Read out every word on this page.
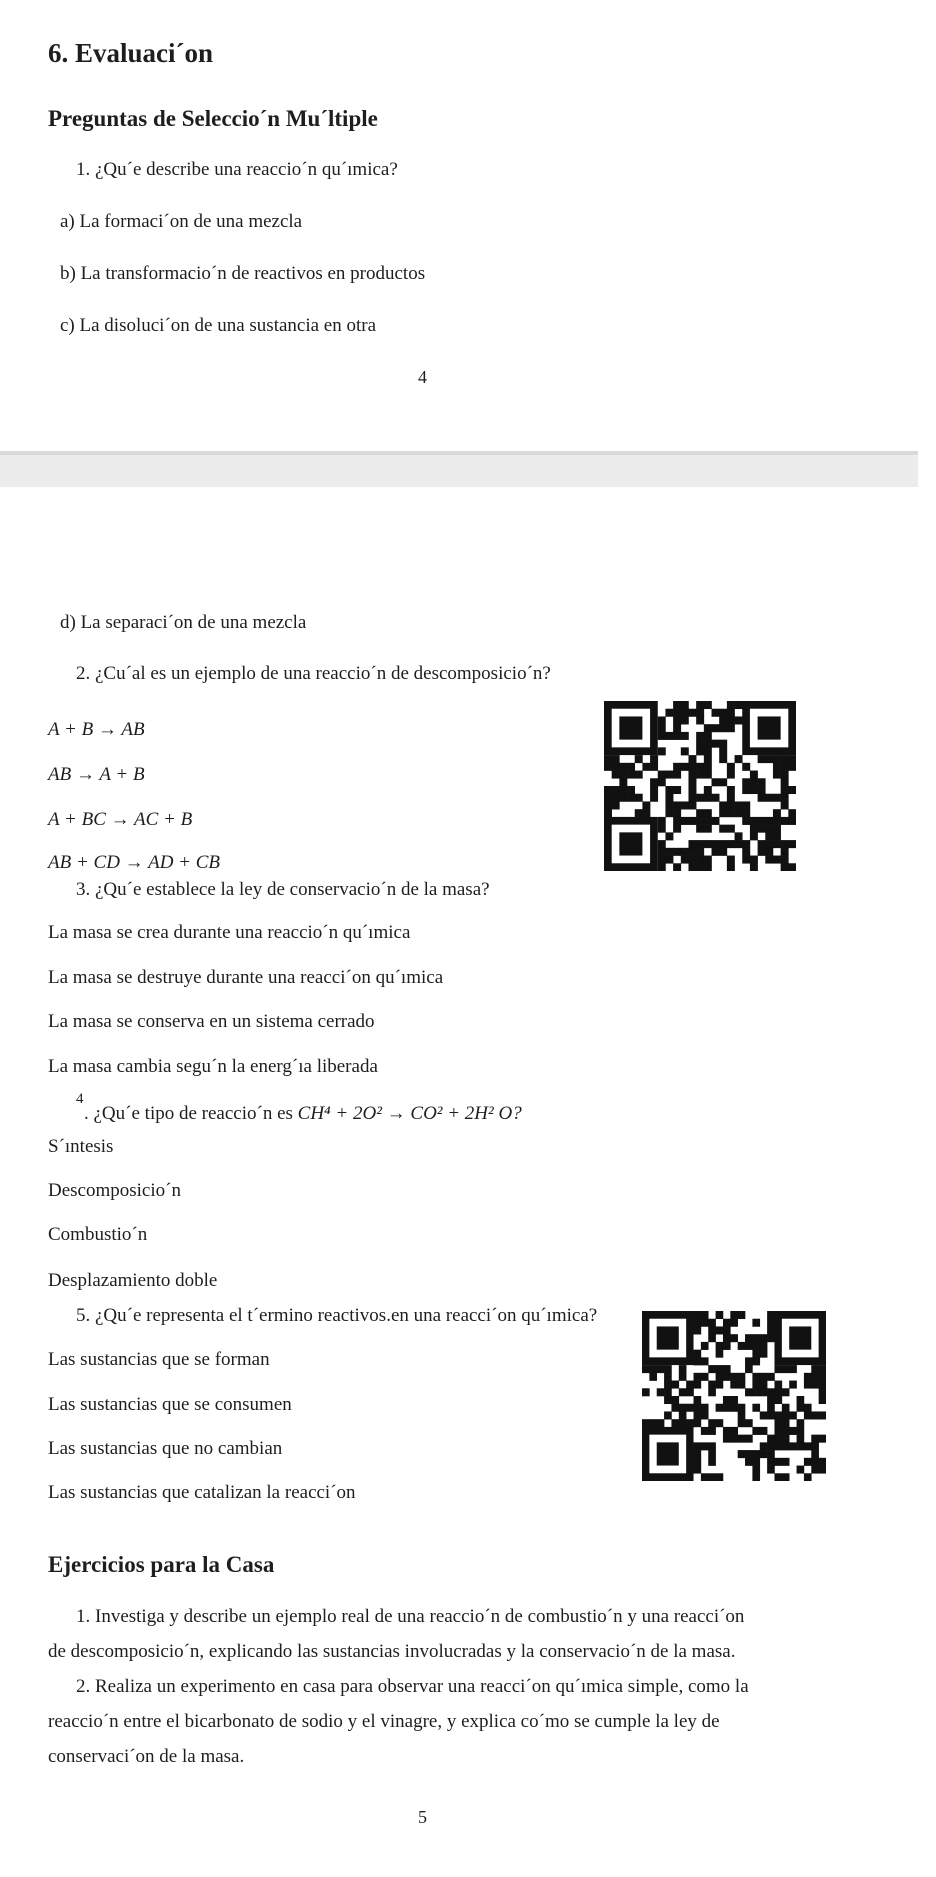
6. Evaluaci´on
Preguntas de Seleccio´n Mu´ltiple
1. ¿Qu´e describe una reaccio´n qu´ımica?
a) La formaci´on de una mezcla
b) La transformacio´n de reactivos en productos
c) La disoluci´on de una sustancia en otra
4
d) La separaci´on de una mezcla
2. ¿Cu´al es un ejemplo de una reaccio´n de descomposicio´n?
A + B → AB
AB → A + B
A + BC → AC + B
AB + CD → AD + CB
3. ¿Qu´e establece la ley de conservacio´n de la masa?
La masa se crea durante una reaccio´n qu´ımica
La masa se destruye durante una reacci´on qu´ımica
La masa se conserva en un sistema cerrado
La masa cambia segu´n la energ´ıa liberada
4
. ¿Qu´e tipo de reaccio´n es CH⁴ + 2O² → CO² + 2H² O?
S´ıntesis
Descomposicio´n
Combustio´n
Desplazamiento doble
5. ¿Qu´e representa el t´ermino reactivos.en una reacci´on qu´ımica?
Las sustancias que se forman
Las sustancias que se consumen
Las sustancias que no cambian
Las sustancias que catalizan la reacci´on
Ejercicios para la Casa
1. Investiga y describe un ejemplo real de una reaccio´n de combustio´n y una reacci´on
de descomposicio´n, explicando las sustancias involucradas y la conservacio´n de la masa.
2. Realiza un experimento en casa para observar una reacci´on qu´ımica simple, como la
reaccio´n entre el bicarbonato de sodio y el vinagre, y explica co´mo se cumple la ley de
conservaci´on de la masa.
5
